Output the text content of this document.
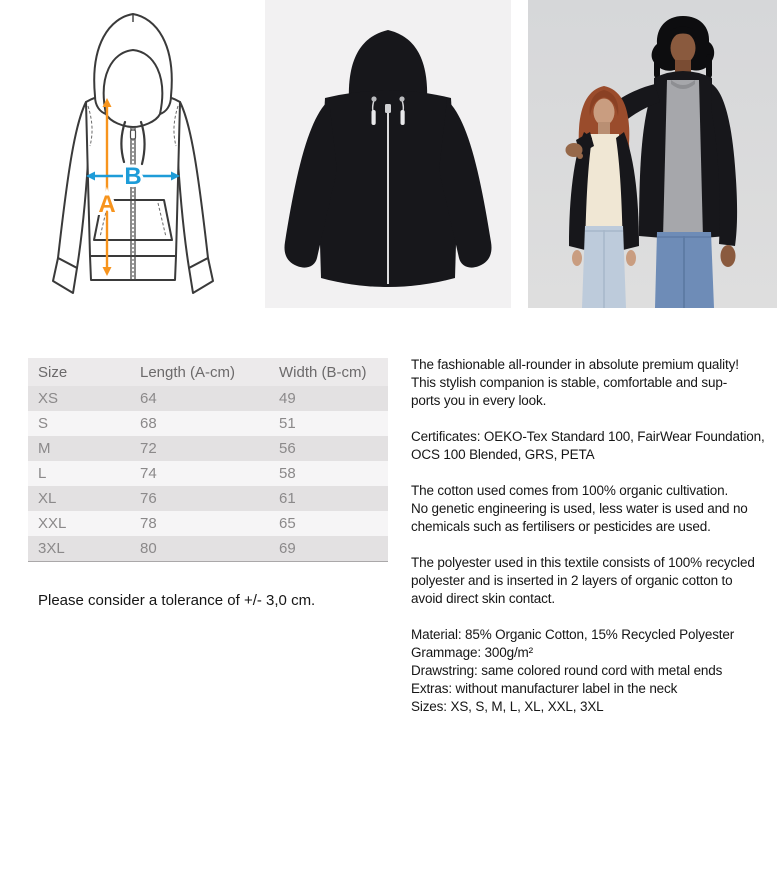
A
B
Size	Length (A-cm)	Width (B-cm)
XS	64	49
S	68	51
M	72	56
L	74	58
XL	76	61
XXL	78	65
3XL	80	69
Please consider a tolerance of +/- 3,0 cm.

The fashionable all-rounder in absolute premium quality!
This stylish companion is stable, comfortable and sup-
ports you in every look.

Certificates: OEKO-Tex Standard 100, FairWear Foundation,
OCS 100 Blended, GRS, PETA

The cotton used comes from 100% organic cultivation.
No genetic engineering is used, less water is used and no
chemicals such as fertilisers or pesticides are used.

The polyester used in this textile consists of 100% recycled
polyester and is inserted in 2 layers of organic cotton to
avoid direct skin contact.

Material: 85% Organic Cotton, 15% Recycled Polyester
Grammage: 300g/m²
Drawstring: same colored round cord with metal ends
Extras: without manufacturer label in the neck
Sizes: XS, S, M, L, XL, XXL, 3XL
